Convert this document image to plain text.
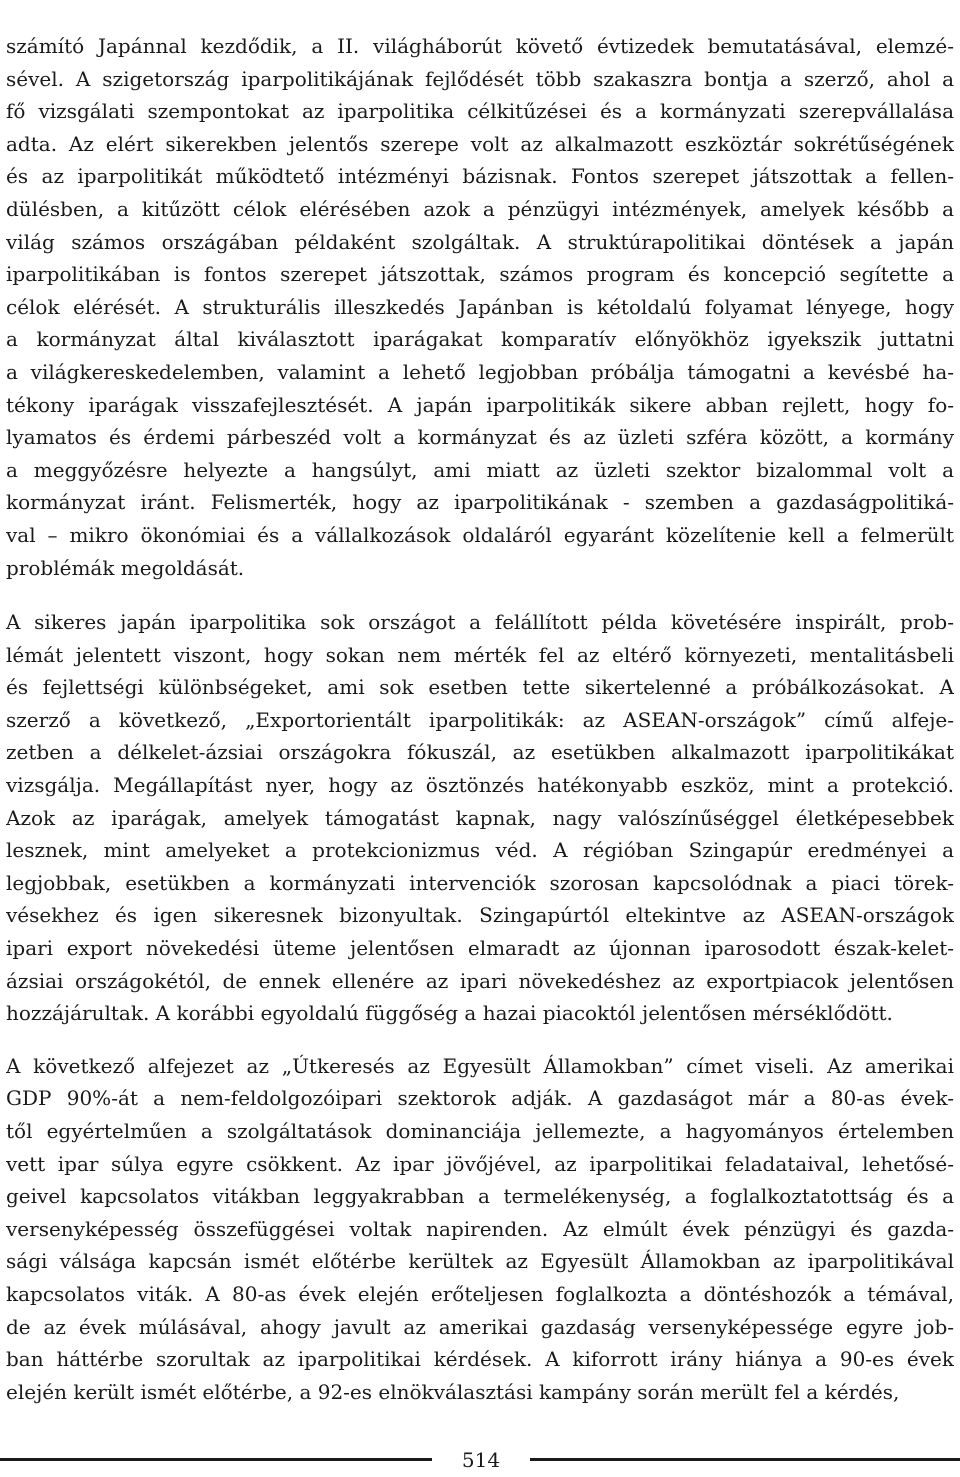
számító Japánnal kezdődik, a II. világháborút követő évtizedek bemutatásával, elemzé-
sével. A szigetország iparpolitikájának fejlődését több szakaszra bontja a szerző, ahol a
fő vizsgálati szempontokat az iparpolitika célkitűzései és a kormányzati szerepvállalása
adta. Az elért sikerekben jelentős szerepe volt az alkalmazott eszköztár sokrétűségének
és az iparpolitikát működtető intézményi bázisnak. Fontos szerepet játszottak a fellen-
dülésben, a kitűzött célok elérésében azok a pénzügyi intézmények, amelyek később a
világ számos országában példaként szolgáltak. A struktúrapolitikai döntések a japán
iparpolitikában is fontos szerepet játszottak, számos program és koncepció segítette a
célok elérését. A strukturális illeszkedés Japánban is kétoldalú folyamat lényege, hogy
a kormányzat által kiválasztott iparágakat komparatív előnyökhöz igyekszik juttatni
a világkereskedelemben, valamint a lehető legjobban próbálja támogatni a kevésbé ha-
tékony iparágak visszafejlesztését. A japán iparpolitikák sikere abban rejlett, hogy fo-
lyamatos és érdemi párbeszéd volt a kormányzat és az üzleti szféra között, a kormány
a meggyőzésre helyezte a hangsúlyt, ami miatt az üzleti szektor bizalommal volt a
kormányzat iránt. Felismerték, hogy az iparpolitikának - szemben a gazdaságpolitiká-
val – mikro ökonómiai és a vállalkozások oldaláról egyaránt közelítenie kell a felmerült
problémák megoldását.
A sikeres japán iparpolitika sok országot a felállított példa követésére inspirált, prob-
lémát jelentett viszont, hogy sokan nem mérték fel az eltérő környezeti, mentalitásbeli
és fejlettségi különbségeket, ami sok esetben tette sikertelenné a próbálkozásokat. A
szerző a következő, „Exportorientált iparpolitikák: az ASEAN-országok” című alfeje-
zetben a délkelet-ázsiai országokra fókuszál, az esetükben alkalmazott iparpolitikákat
vizsgálja. Megállapítást nyer, hogy az ösztönzés hatékonyabb eszköz, mint a protekció.
Azok az iparágak, amelyek támogatást kapnak, nagy valószínűséggel életképesebbek
lesznek, mint amelyeket a protekcionizmus véd. A régióban Szingapúr eredményei a
legjobbak, esetükben a kormányzati intervenciók szorosan kapcsolódnak a piaci törek-
vésekhez és igen sikeresnek bizonyultak. Szingapúrtól eltekintve az ASEAN-országok
ipari export növekedési üteme jelentősen elmaradt az újonnan iparosodott észak-kelet-
ázsiai országokétól, de ennek ellenére az ipari növekedéshez az exportpiacok jelentősen
hozzájárultak. A korábbi egyoldalú függőség a hazai piacoktól jelentősen mérséklődött.
A következő alfejezet az „Útkeresés az Egyesült Államokban” címet viseli. Az amerikai
GDP 90%-át a nem-feldolgozóipari szektorok adják. A gazdaságot már a 80-as évek-
től egyértelműen a szolgáltatások dominanciája jellemezte, a hagyományos értelemben
vett ipar súlya egyre csökkent. Az ipar jövőjével, az iparpolitikai feladataival, lehetősé-
geivel kapcsolatos vitákban leggyakrabban a termelékenység, a foglalkoztatottság és a
versenyképesség összefüggései voltak napirenden. Az elmúlt évek pénzügyi és gazda-
sági válsága kapcsán ismét előtérbe kerültek az Egyesült Államokban az iparpolitikával
kapcsolatos viták. A 80-as évek elején erőteljesen foglalkozta a döntéshozók a témával,
de az évek múlásával, ahogy javult az amerikai gazdaság versenyképessége egyre job-
ban háttérbe szorultak az iparpolitikai kérdések. A kiforrott irány hiánya a 90-es évek
elején került ismét előtérbe, a 92-es elnökválasztási kampány során merült fel a kérdés,
514
